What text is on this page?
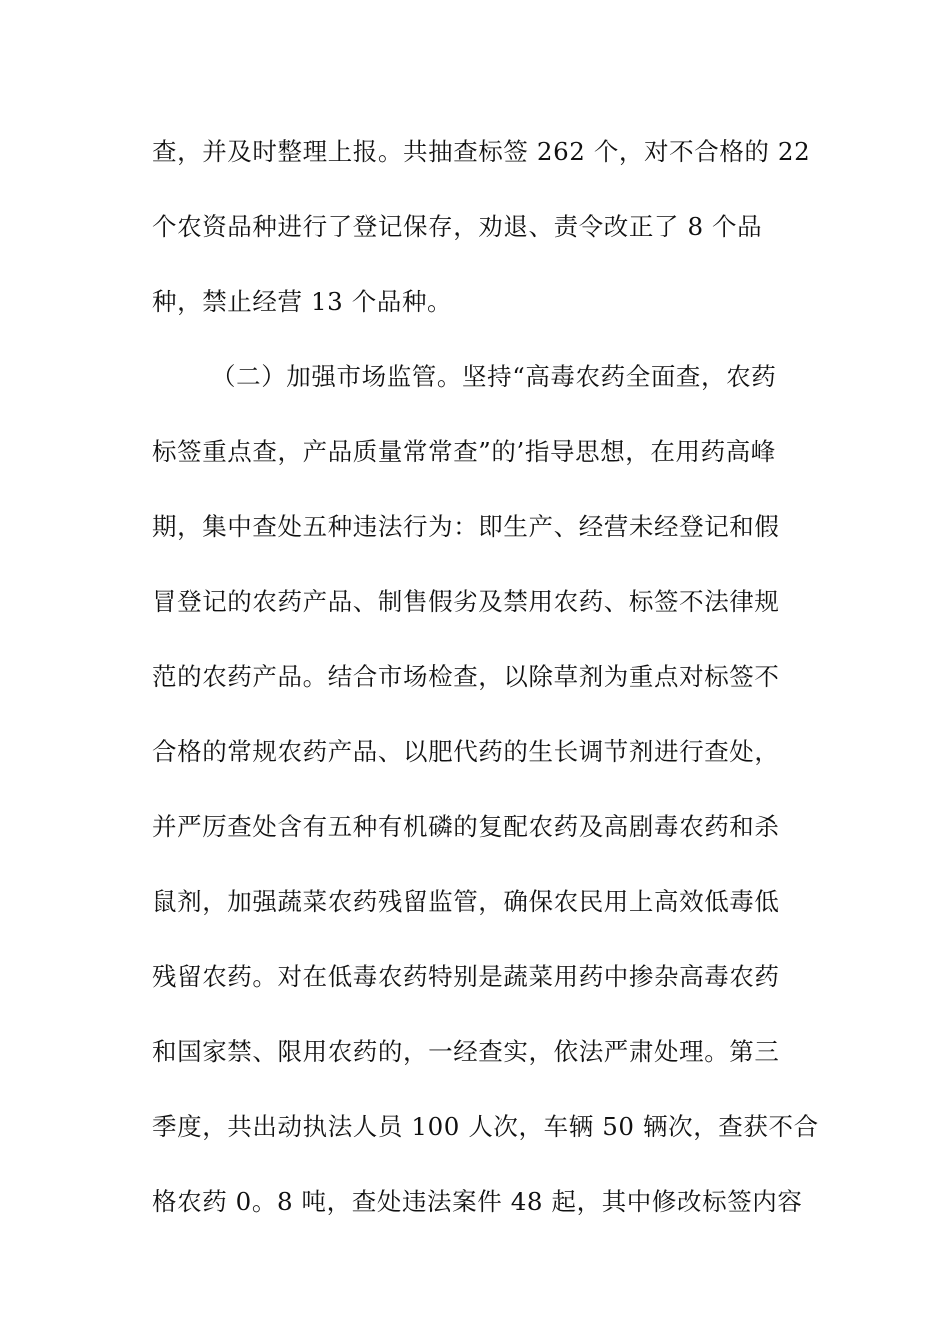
查，并及时整理上报。共抽查标签 262 个，对不合格的 22
个农资品种进行了登记保存，劝退、责令改正了 8 个品
种，禁止经营 13 个品种。
（二）加强市场监管。坚持“高毒农药全面查，农药
标签重点查，产品质量常常查”的’指导思想，在用药高峰
期，集中查处五种违法行为：即生产、经营未经登记和假
冒登记的农药产品、制售假劣及禁用农药、标签不法律规
范的农药产品。结合市场检查，以除草剂为重点对标签不
合格的常规农药产品、以肥代药的生长调节剂进行查处，
并严厉查处含有五种有机磷的复配农药及高剧毒农药和杀
鼠剂，加强蔬菜农药残留监管，确保农民用上高效低毒低
残留农药。对在低毒农药特别是蔬菜用药中掺杂高毒农药
和国家禁、限用农药的，一经查实，依法严肃处理。第三
季度，共出动执法人员 100 人次，车辆 50 辆次，查获不合
格农药 0。8 吨，查处违法案件 48 起，其中修改标签内容
